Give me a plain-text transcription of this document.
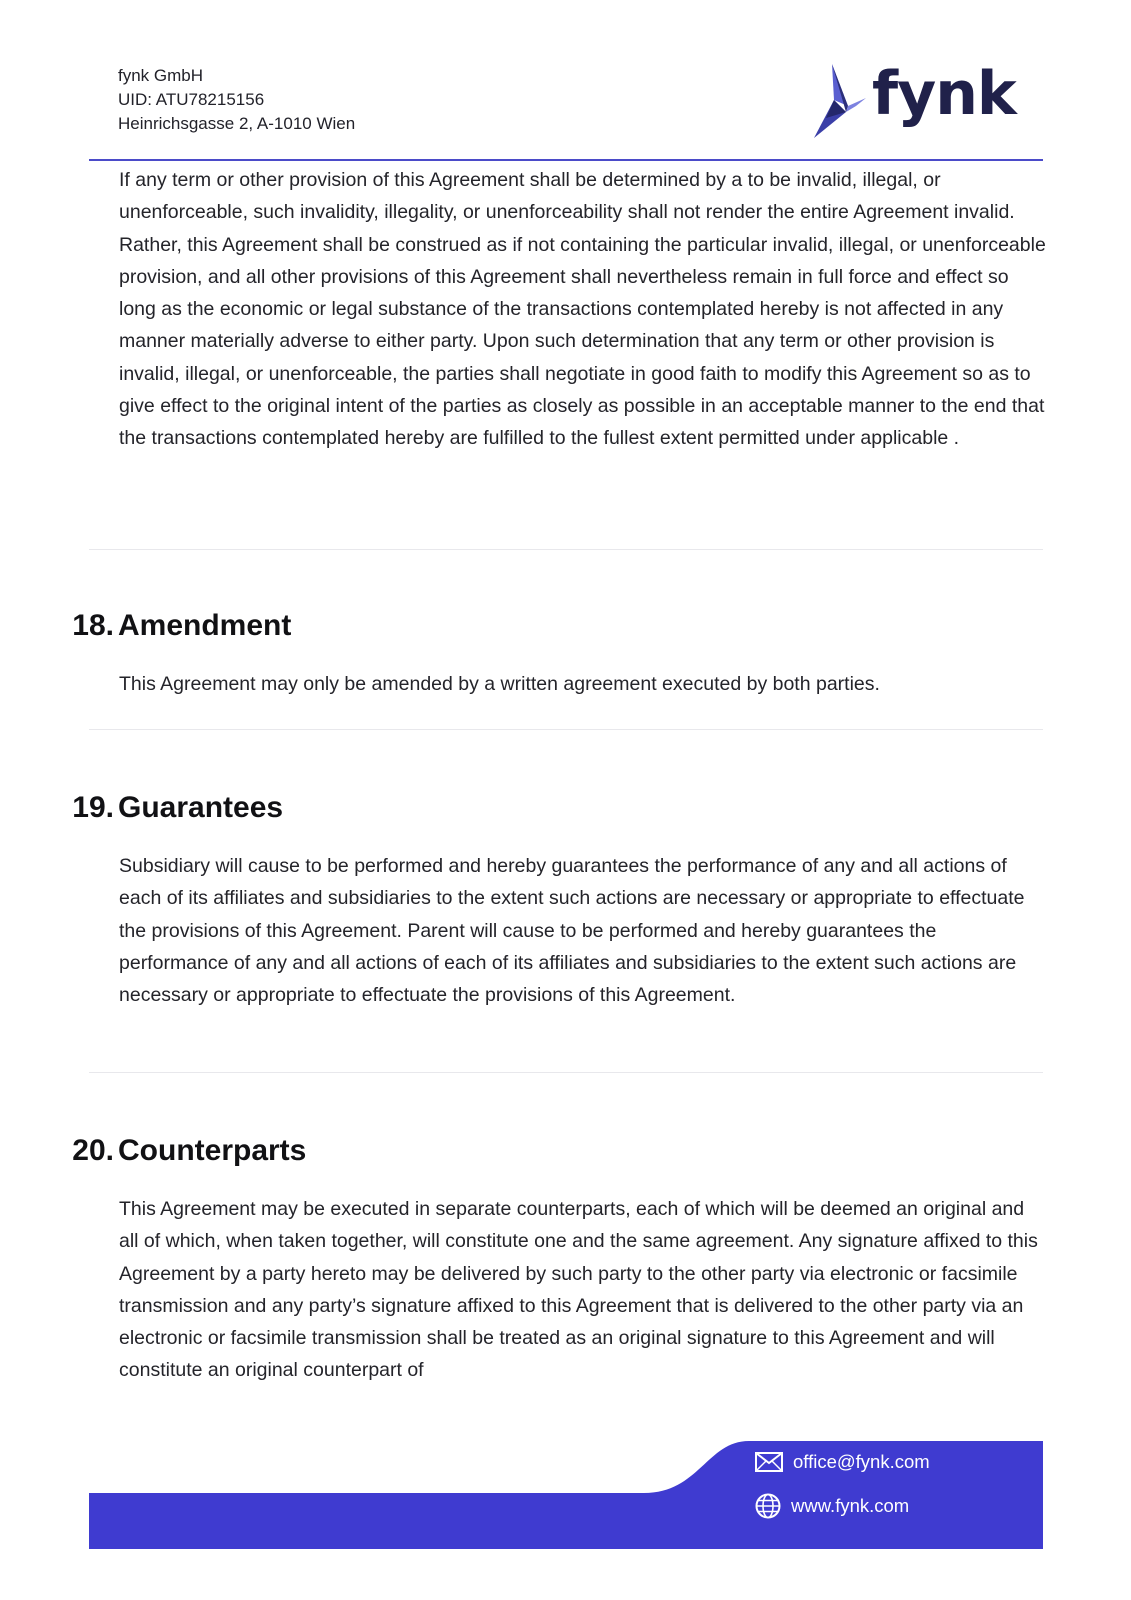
fynk GmbH
UID: ATU78215156
Heinrichsgasse 2, A-1010 Wien	fynk

If any term or other provision of this Agreement shall be determined by a to be invalid, illegal, or unenforceable, such invalidity, illegality, or unenforceability shall not render the entire Agreement invalid. Rather, this Agreement shall be construed as if not containing the particular invalid, illegal, or unenforceable provision, and all other provisions of this Agreement shall nevertheless remain in full force and effect so long as the economic or legal substance of the transactions contemplated hereby is not affected in any manner materially adverse to either party. Upon such determination that any term or other provision is invalid, illegal, or unenforceable, the parties shall negotiate in good faith to modify this Agreement so as to give effect to the original intent of the parties as closely as possible in an acceptable manner to the end that the transactions contemplated hereby are fulfilled to the fullest extent permitted under applicable .

18. Amendment

This Agreement may only be amended by a written agreement executed by both parties.

19. Guarantees

Subsidiary will cause to be performed and hereby guarantees the performance of any and all actions of each of its affiliates and subsidiaries to the extent such actions are necessary or appropriate to effectuate the provisions of this Agreement. Parent will cause to be performed and hereby guarantees the performance of any and all actions of each of its affiliates and subsidiaries to the extent such actions are necessary or appropriate to effectuate the provisions of this Agreement.

20. Counterparts

This Agreement may be executed in separate counterparts, each of which will be deemed an original and all of which, when taken together, will constitute one and the same agreement. Any signature affixed to this Agreement by a party hereto may be delivered by such party to the other party via electronic or facsimile transmission and any party’s signature affixed to this Agreement that is delivered to the other party via an electronic or facsimile transmission shall be treated as an original signature to this Agreement and will constitute an original counterpart of

office@fynk.com
www.fynk.com
